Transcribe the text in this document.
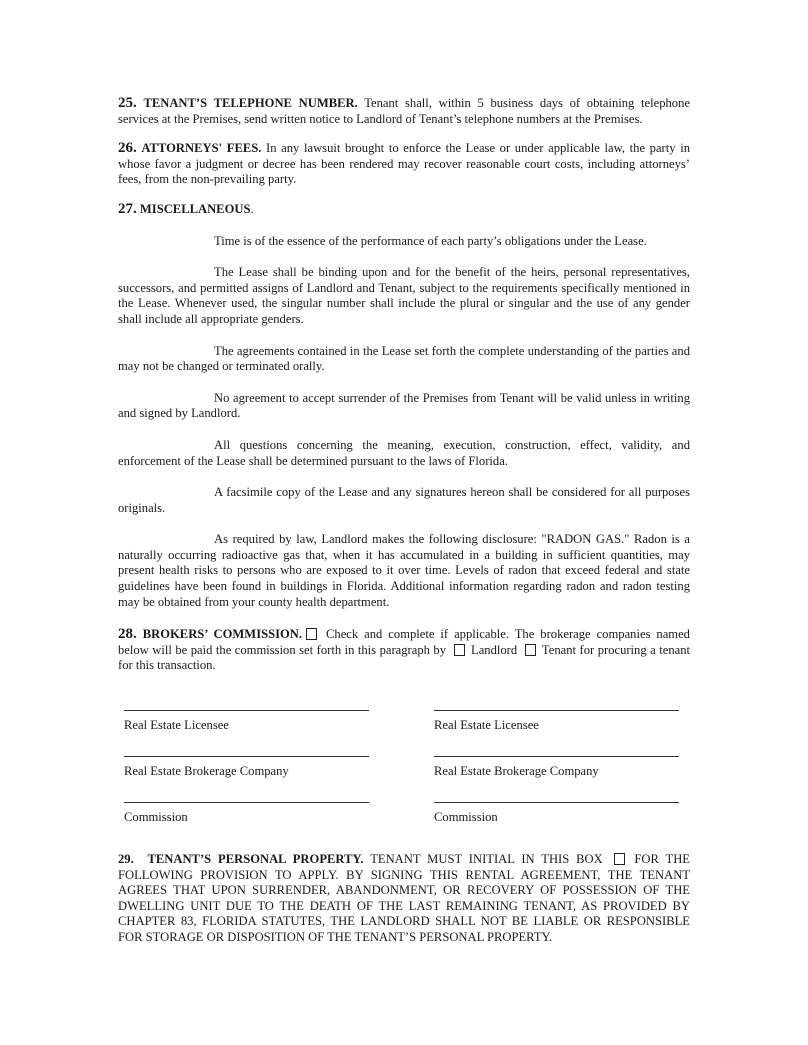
25. TENANT’S TELEPHONE NUMBER. Tenant shall, within 5 business days of obtaining telephone services at the Premises, send written notice to Landlord of Tenant’s telephone numbers at the Premises.

26. ATTORNEYS' FEES. In any lawsuit brought to enforce the Lease or under applicable law, the party in whose favor a judgment or decree has been rendered may recover reasonable court costs, including attorneys’ fees, from the non-prevailing party.

27. MISCELLANEOUS.

Time is of the essence of the performance of each party’s obligations under the Lease.

The Lease shall be binding upon and for the benefit of the heirs, personal representatives, successors, and permitted assigns of Landlord and Tenant, subject to the requirements specifically mentioned in the Lease. Whenever used, the singular number shall include the plural or singular and the use of any gender shall include all appropriate genders.

The agreements contained in the Lease set forth the complete understanding of the parties and may not be changed or terminated orally.

No agreement to accept surrender of the Premises from Tenant will be valid unless in writing and signed by Landlord.

All questions concerning the meaning, execution, construction, effect, validity, and enforcement of the Lease shall be determined pursuant to the laws of Florida.

A facsimile copy of the Lease and any signatures hereon shall be considered for all purposes originals.

As required by law, Landlord makes the following disclosure: "RADON GAS." Radon is a naturally occurring radioactive gas that, when it has accumulated in a building in sufficient quantities, may present health risks to persons who are exposed to it over time. Levels of radon that exceed federal and state guidelines have been found in buildings in Florida. Additional information regarding radon and radon testing may be obtained from your county health department.

28. BROKERS’ COMMISSION. Check and complete if applicable. The brokerage companies named below will be paid the commission set forth in this paragraph by  Landlord  Tenant for procuring a tenant for this transaction.

Real Estate Licensee	Real Estate Licensee
Real Estate Brokerage Company	Real Estate Brokerage Company
Commission	Commission

29. TENANT’S PERSONAL PROPERTY. TENANT MUST INITIAL IN THIS BOX  FOR THE FOLLOWING PROVISION TO APPLY. BY SIGNING THIS RENTAL AGREEMENT, THE TENANT AGREES THAT UPON SURRENDER, ABANDONMENT, OR RECOVERY OF POSSESSION OF THE DWELLING UNIT DUE TO THE DEATH OF THE LAST REMAINING TENANT, AS PROVIDED BY CHAPTER 83, FLORIDA STATUTES, THE LANDLORD SHALL NOT BE LIABLE OR RESPONSIBLE FOR STORAGE OR DISPOSITION OF THE TENANT’S PERSONAL PROPERTY.
